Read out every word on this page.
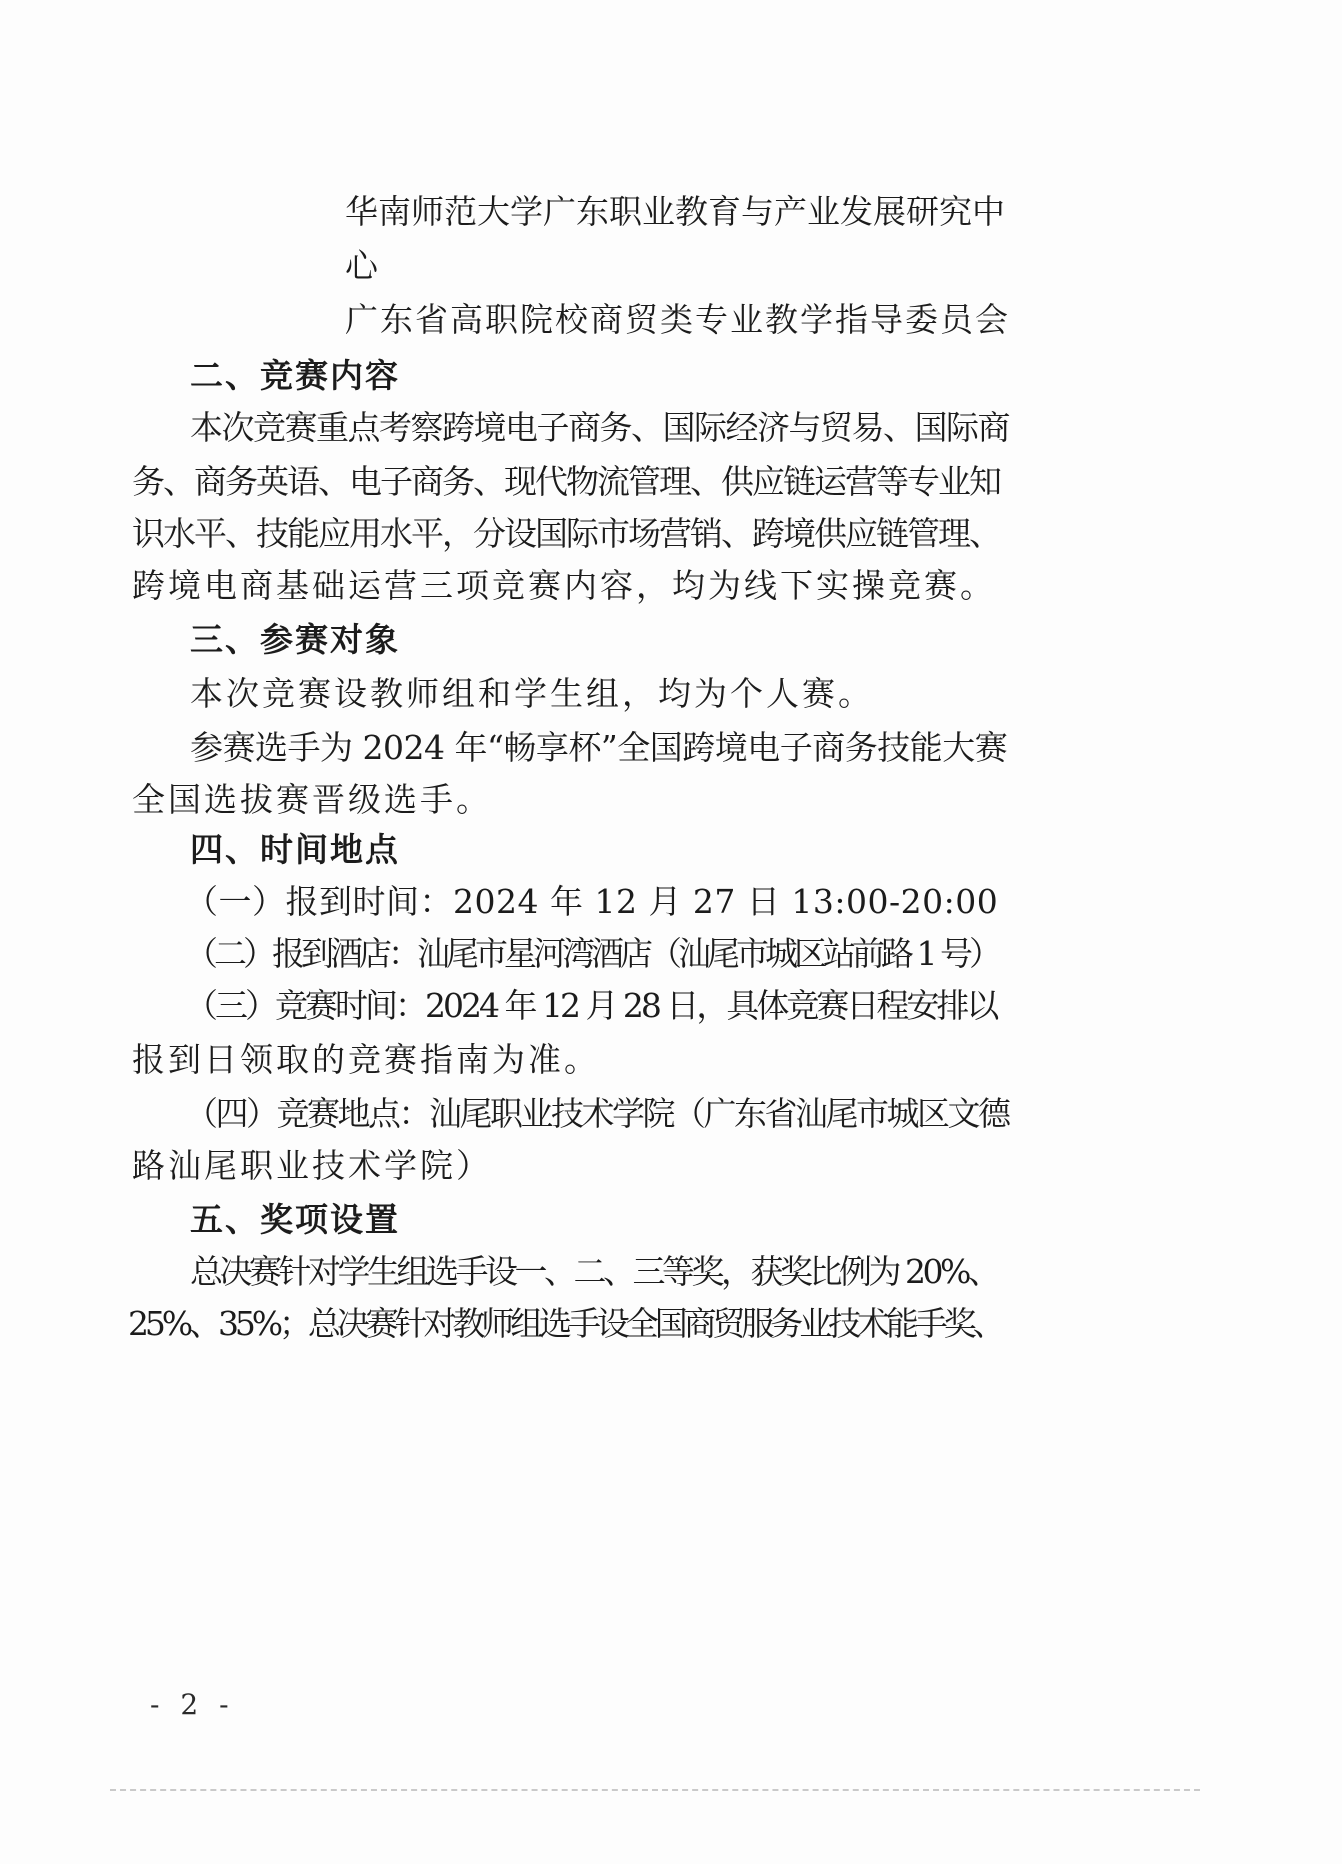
华南师范大学广东职业教育与产业发展研究中
心
广东省高职院校商贸类专业教学指导委员会
二、竞赛内容
本次竞赛重点考察跨境电子商务、国际经济与贸易、国际商
务、商务英语、电子商务、现代物流管理、供应链运营等专业知
识水平、技能应用水平，分设国际市场营销、跨境供应链管理、
跨境电商基础运营三项竞赛内容，均为线下实操竞赛。
三、参赛对象
本次竞赛设教师组和学生组，均为个人赛。
参赛选手为 2024 年“畅享杯”全国跨境电子商务技能大赛
全国选拔赛晋级选手。
四、时间地点
（一）报到时间：2024 年 12 月 27 日 13:00-20:00
（二）报到酒店：汕尾市星河湾酒店（汕尾市城区站前路 1 号）
（三）竞赛时间：2024 年 12 月 28 日，具体竞赛日程安排以
报到日领取的竞赛指南为准。
（四）竞赛地点：汕尾职业技术学院（广东省汕尾市城区文德
路汕尾职业技术学院）
五、奖项设置
总决赛针对学生组选手设一、二、三等奖，获奖比例为 20%、
25%、35%；总决赛针对教师组选手设全国商贸服务业技术能手奖、
- 2 -
